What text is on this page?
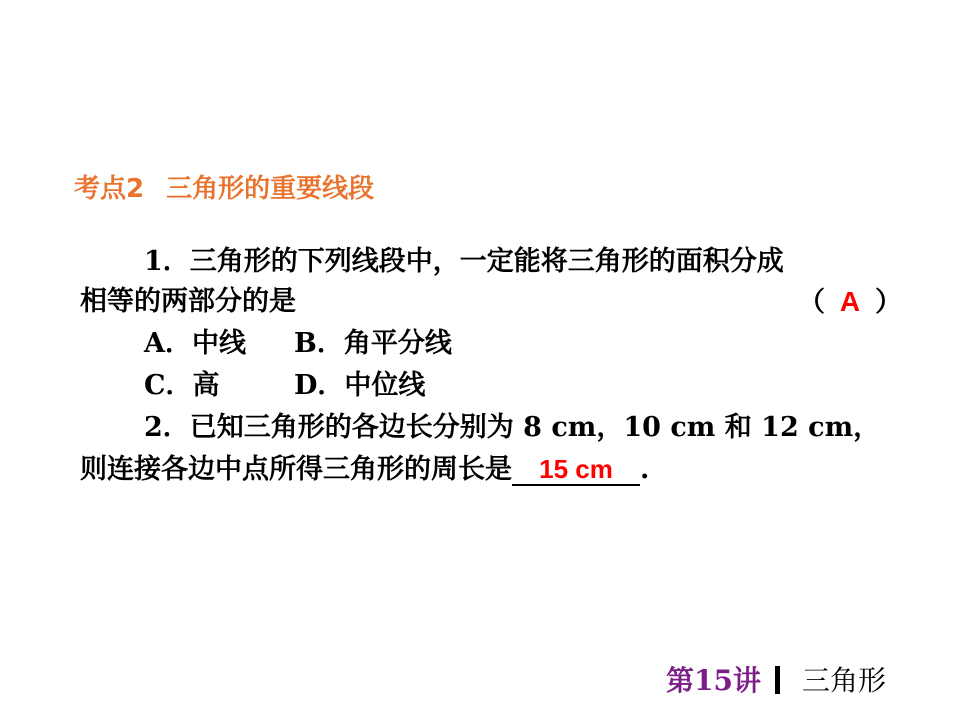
考点2 三角形的重要线段
1．三角形的下列线段中，一定能将三角形的面积分成
相等的两部分的是	（ A ）
A．中线 B．角平分线
C．高	D．中位线
2．已知三角形的各边长分别为 8 cm，10 cm 和 12 cm，
则连接各边中点所得三角形的周长是 15 cm .
第15讲 三角形
